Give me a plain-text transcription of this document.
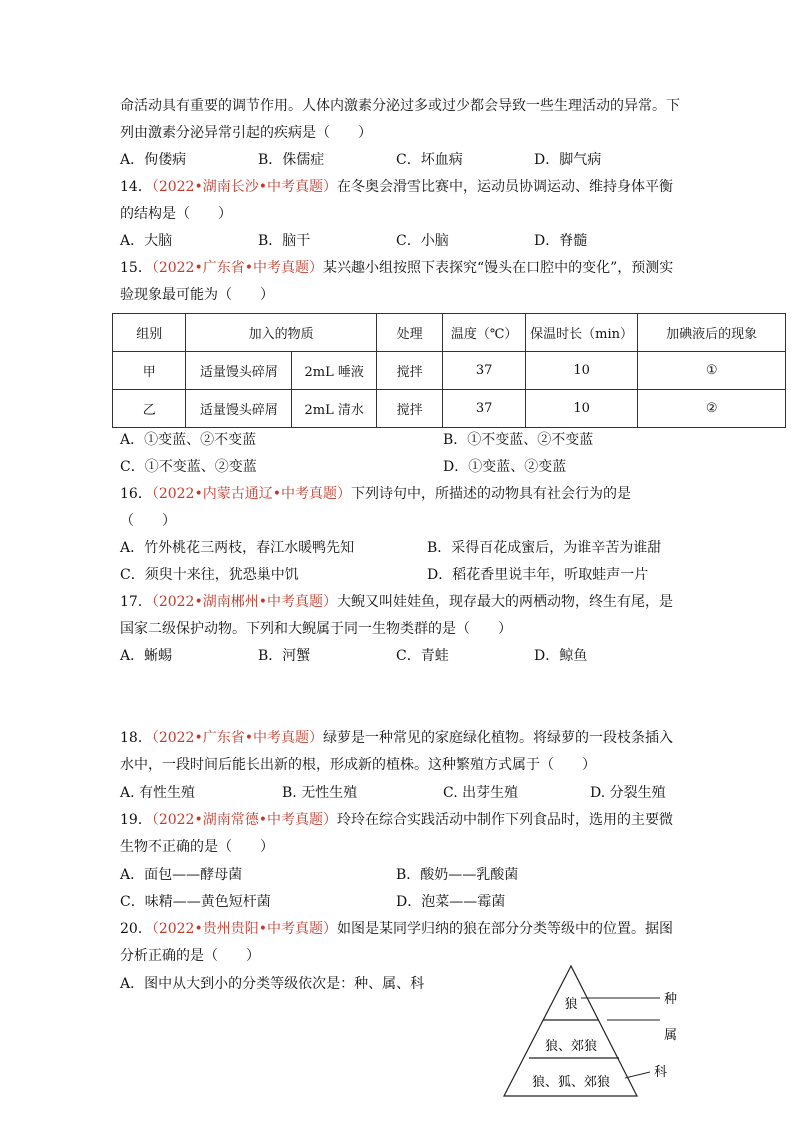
命活动具有重要的调节作用。人体内激素分泌过多或过少都会导致一些生理活动的异常。下
列由激素分泌异常引起的疾病是（　　）
A．佝偻病	B．侏儒症	C．坏血病	D．脚气病
14．（2022•湖南长沙•中考真题）在冬奥会滑雪比赛中，运动员协调运动、维持身体平衡
的结构是（　　）
A．大脑	B．脑干	C．小脑	D．脊髓
15．（2022•广东省•中考真题）某兴趣小组按照下表探究“馒头在口腔中的变化”，预测实
验现象最可能为（　　）
组别	加入的物质		处理	温度（℃）	保温时长（min）	加碘液后的现象
甲	适量馒头碎屑	2mL 唾液	搅拌	37	10	①
乙	适量馒头碎屑	2mL 清水	搅拌	37	10	②
A．①变蓝、②不变蓝	B．①不变蓝、②不变蓝
C．①不变蓝、②变蓝	D．①变蓝、②变蓝
16．（2022•内蒙古通辽•中考真题）下列诗句中，所描述的动物具有社会行为的是
（　　）
A．竹外桃花三两枝，春江水暖鸭先知	B．采得百花成蜜后，为谁辛苦为谁甜
C．须臾十来往，犹恐巢中饥	D．稻花香里说丰年，听取蛙声一片
17．（2022•湖南郴州•中考真题）大鲵又叫娃娃鱼，现存最大的两栖动物，终生有尾，是
国家二级保护动物。下列和大鲵属于同一生物类群的是（　　）
A．蜥蜴	B．河蟹	C．青蛙	D．鲸鱼
18．（2022•广东省•中考真题）绿萝是一种常见的家庭绿化植物。将绿萝的一段枝条插入
水中，一段时间后能长出新的根，形成新的植株。这种繁殖方式属于（　　）
A. 有性生殖	B. 无性生殖	C. 出芽生殖	D. 分裂生殖
19．（2022•湖南常德•中考真题）玲玲在综合实践活动中制作下列食品时，选用的主要微
生物不正确的是（　　）
A．面包——酵母菌	B．酸奶——乳酸菌
C．味精——黄色短杆菌	D．泡菜——霉菌
20．（2022•贵州贵阳•中考真题）如图是某同学归纳的狼在部分分类等级中的位置。据图
分析正确的是（　　）
A．图中从大到小的分类等级依次是：种、属、科
狼
狼、郊狼
狼、狐、郊狼
种
属
科
